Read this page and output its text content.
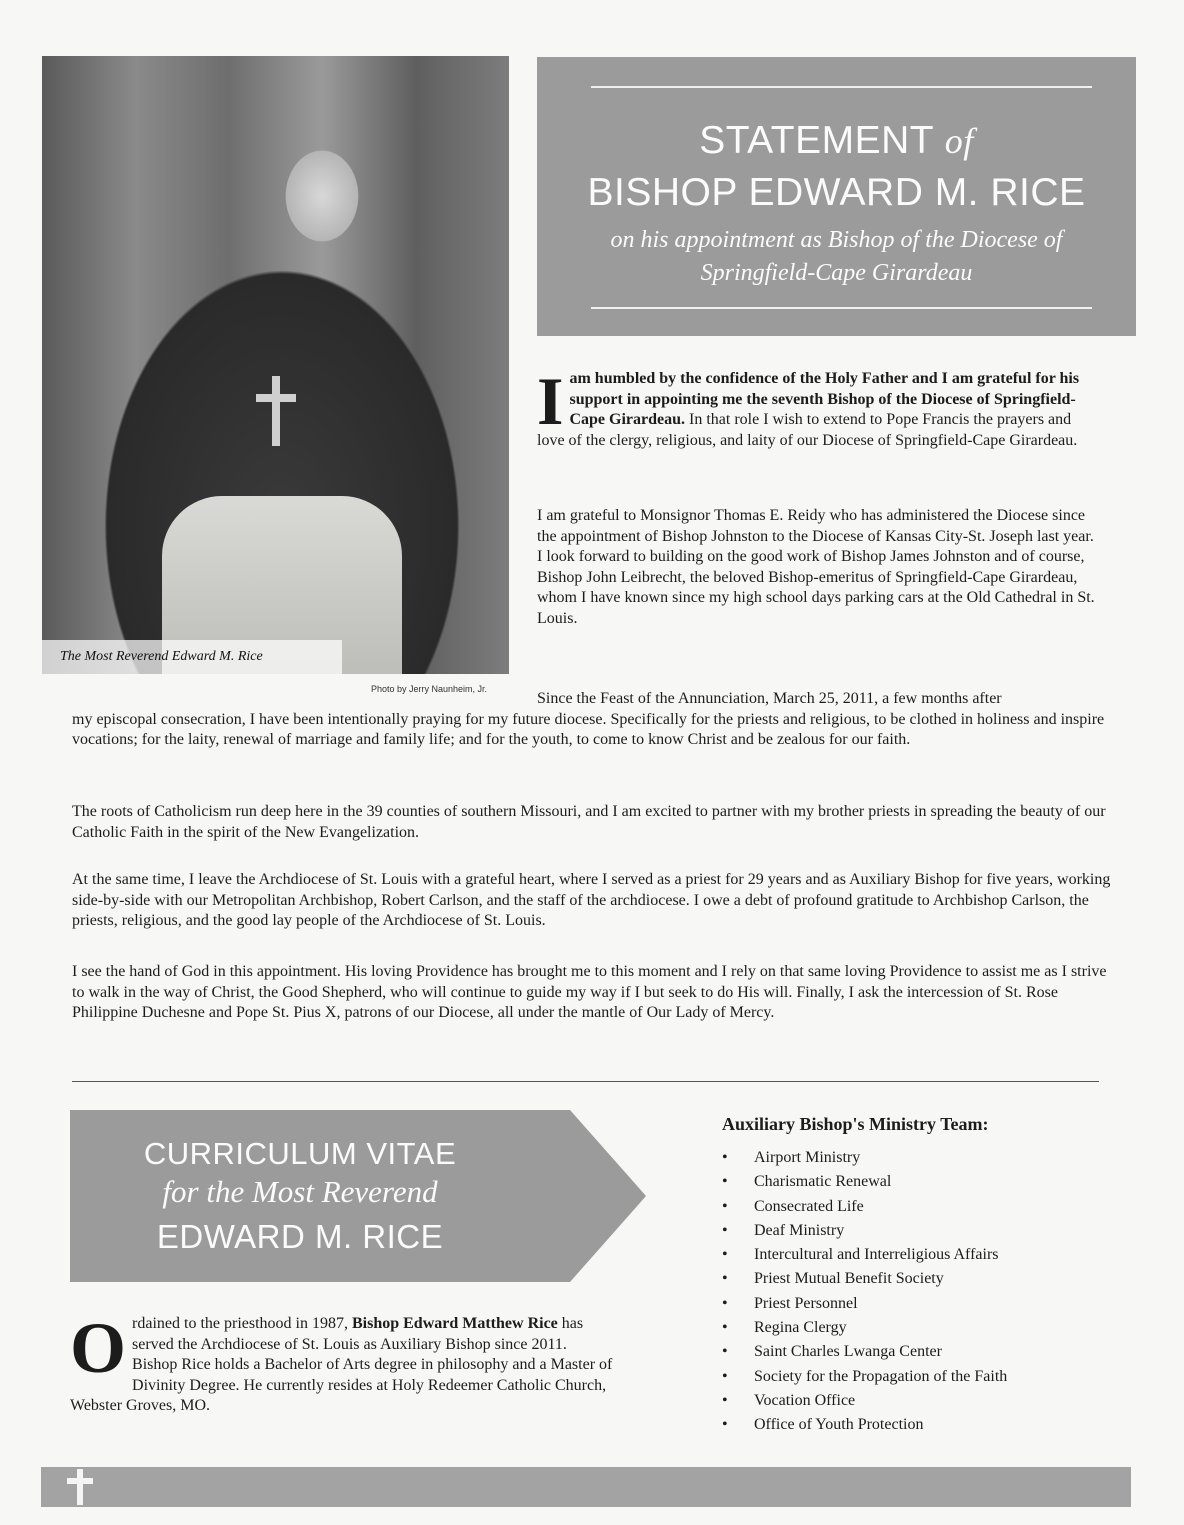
The Most Reverend Edward M. Rice
Photo by Jerry Naunheim, Jr.
STATEMENT of
BISHOP EDWARD M. RICE
on his appointment as Bishop of the Diocese of
Springfield-Cape Girardeau
Iam humbled by the confidence of the Holy Father and I am grateful for his support in appointing me the seventh Bishop of the Diocese of Springfield-Cape Girardeau. In that role I wish to extend to Pope Francis the prayers and love of the clergy, religious, and laity of our Diocese of Springfield-Cape Girardeau.
I am grateful to Monsignor Thomas E. Reidy who has administered the Diocese since the appointment of Bishop Johnston to the Diocese of Kansas City-St. Joseph last year. I look forward to building on the good work of Bishop James Johnston and of course, Bishop John Leibrecht, the beloved Bishop-emeritus of Springfield-Cape Girardeau, whom I have known since my high school days parking cars at the Old Cathedral in St. Louis.
Since the Feast of the Annunciation, March 25, 2011, a few months after
my episcopal consecration, I have been intentionally praying for my future diocese. Specifically for the priests and religious, to be clothed in holiness and inspire vocations; for the laity, renewal of marriage and family life; and for the youth, to come to know Christ and be zealous for our faith.
The roots of Catholicism run deep here in the 39 counties of southern Missouri, and I am excited to partner with my brother priests in spreading the beauty of our Catholic Faith in the spirit of the New Evangelization.
At the same time, I leave the Archdiocese of St. Louis with a grateful heart, where I served as a priest for 29 years and as Auxiliary Bishop for five years, working side-by-side with our Metropolitan Archbishop, Robert Carlson, and the staff of the archdiocese. I owe a debt of profound gratitude to Archbishop Carlson, the priests, religious, and the good lay people of the Archdiocese of St. Louis.
I see the hand of God in this appointment. His loving Providence has brought me to this moment and I rely on that same loving Providence to assist me as I strive to walk in the way of Christ, the Good Shepherd, who will continue to guide my way if I but seek to do His will. Finally, I ask the intercession of St. Rose Philippine Duchesne and Pope St. Pius X, patrons of our Diocese, all under the mantle of Our Lady of Mercy.
CURRICULUM VITAE
for the Most Reverend
EDWARD M. RICE
Ordained to the priesthood in 1987, Bishop Edward Matthew Rice has served the Archdiocese of St. Louis as Auxiliary Bishop since 2011. Bishop Rice holds a Bachelor of Arts degree in philosophy and a Master of Divinity Degree. He currently resides at Holy Redeemer Catholic Church, Webster Groves, MO.
Auxiliary Bishop's Ministry Team:
• Airport Ministry
• Charismatic Renewal
• Consecrated Life
• Deaf Ministry
• Intercultural and Interreligious Affairs
• Priest Mutual Benefit Society
• Priest Personnel
• Regina Clergy
• Saint Charles Lwanga Center
• Society for the Propagation of the Faith
• Vocation Office
• Office of Youth Protection
